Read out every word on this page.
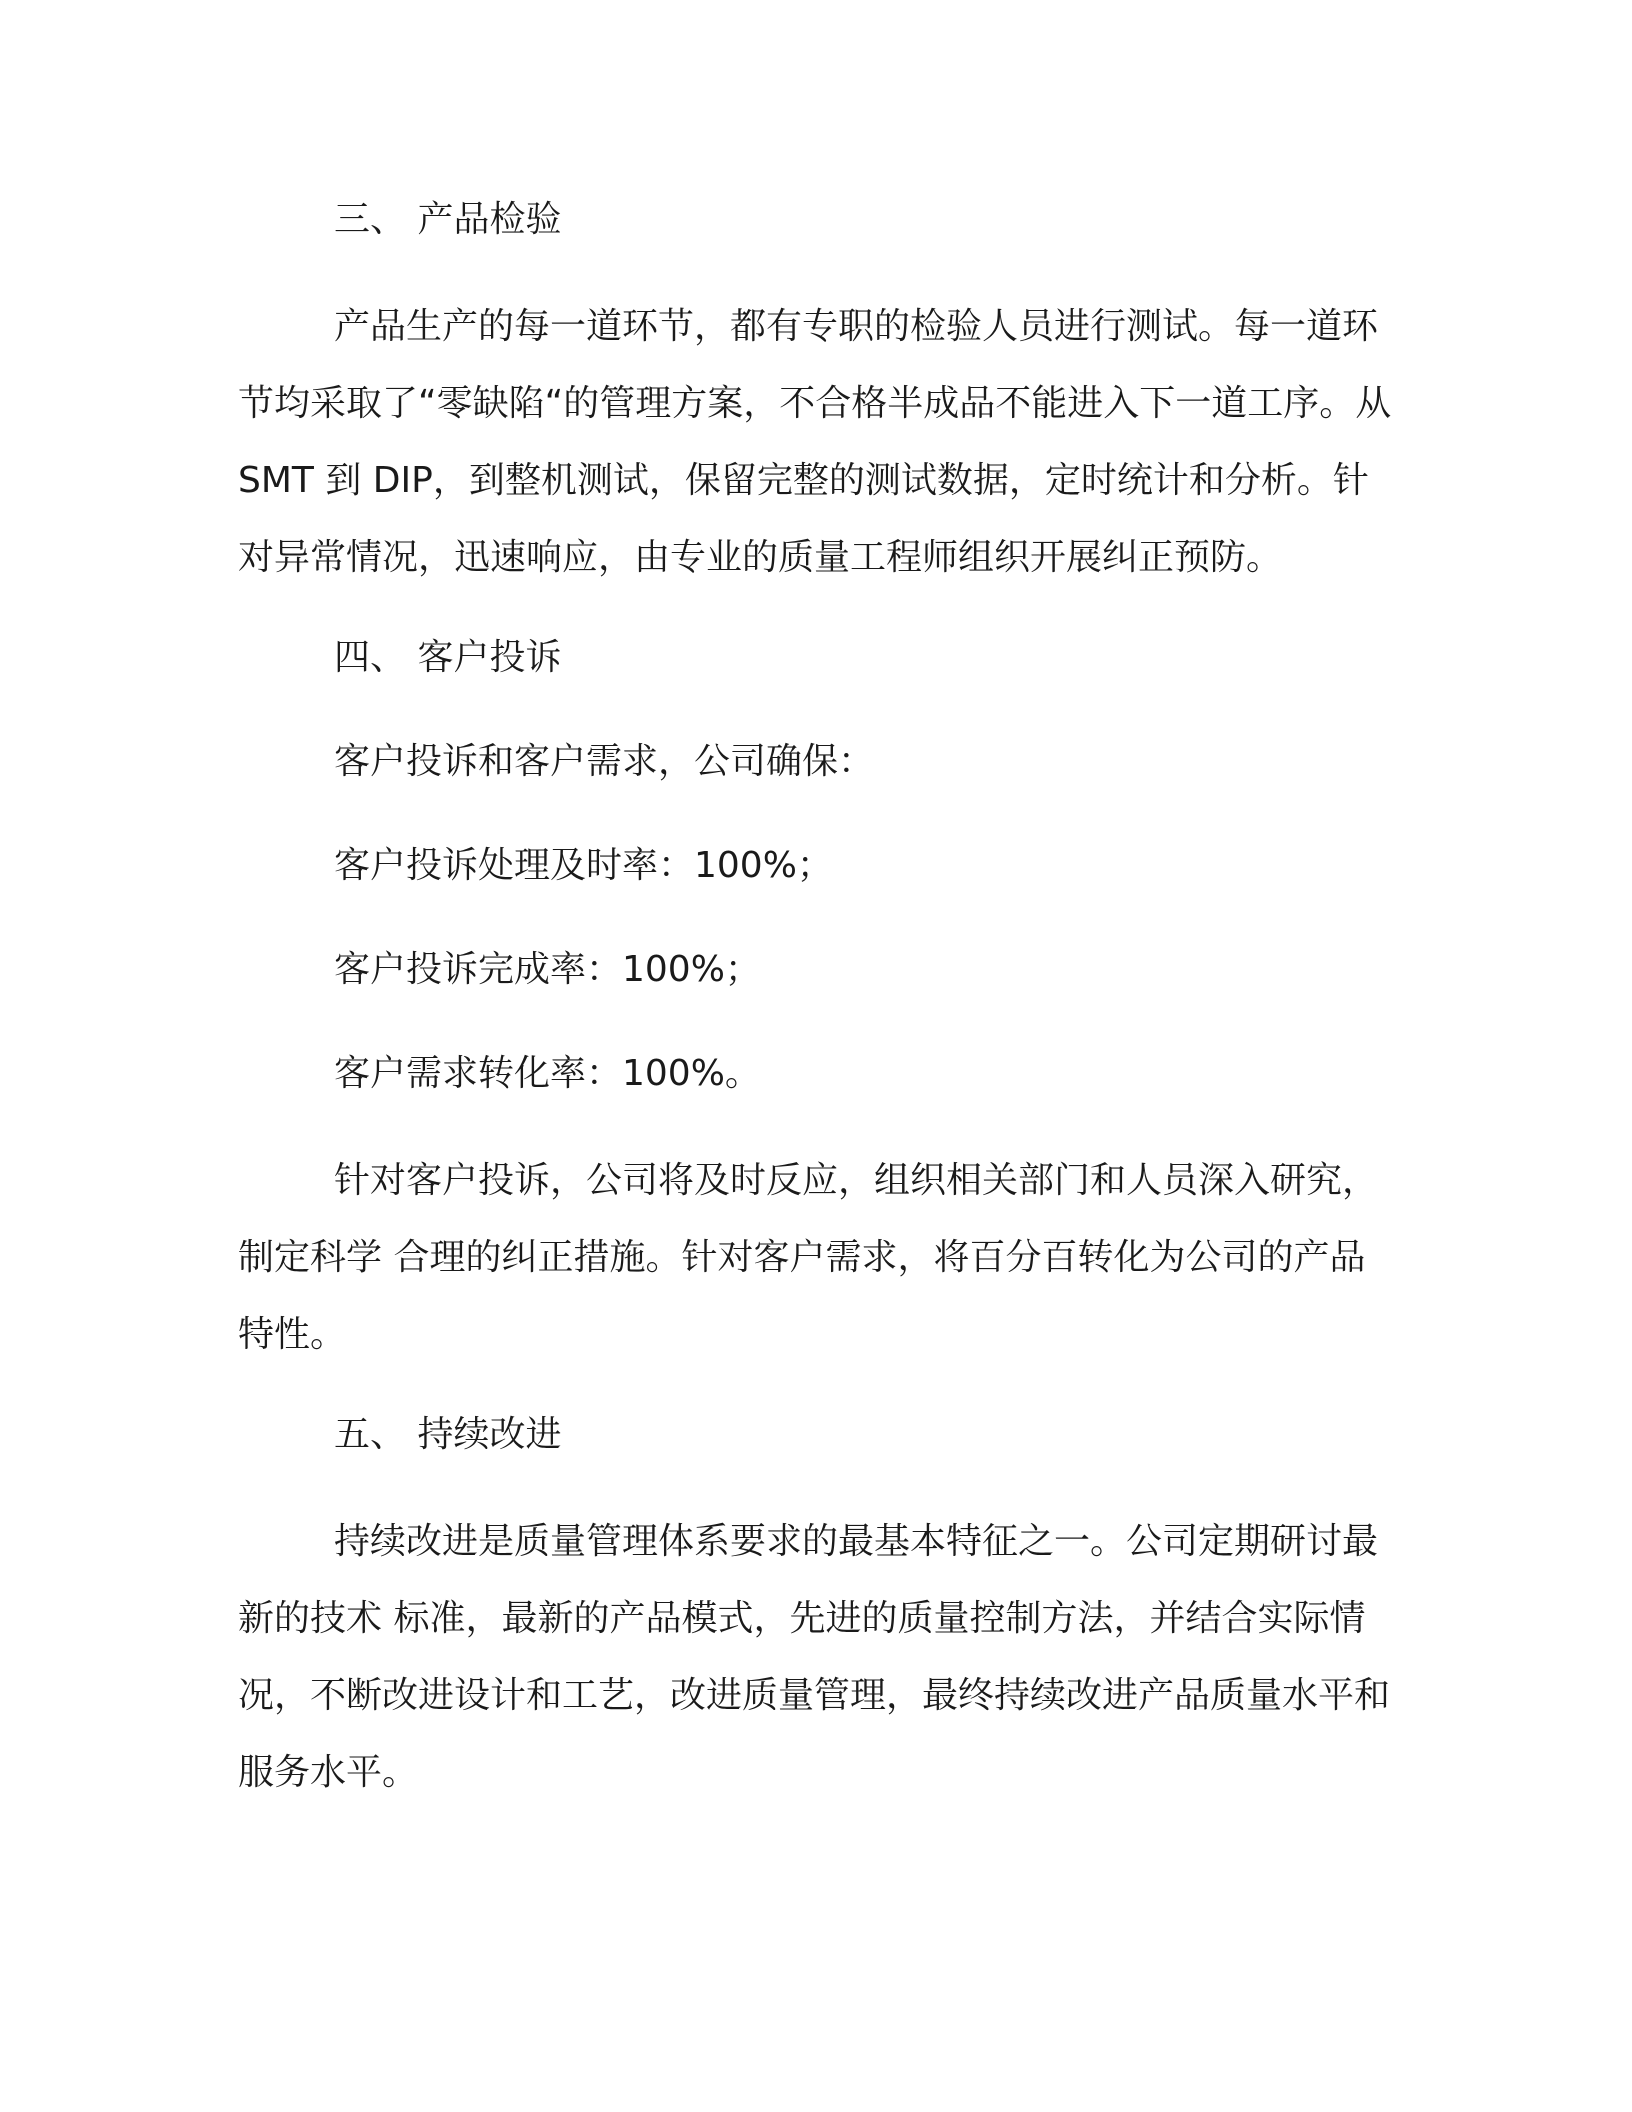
三、 产品检验

产品生产的每一道环节，都有专职的检验人员进行测试。每一道环节均采取了“零缺陷“的管理方案，不合格半成品不能进入下一道工序。从 SMT 到 DIP，到整机测试，保留完整的测试数据，定时统计和分析。针对异常情况，迅速响应，由专业的质量工程师组织开展纠正预防。

四、 客户投诉
客户投诉和客户需求，公司确保：
客户投诉处理及时率：100%；
客户投诉完成率：100%；
客户需求转化率：100%。

针对客户投诉，公司将及时反应，组织相关部门和人员深入研究，制定科学 合理的纠正措施。针对客户需求，将百分百转化为公司的产品特性。

五、 持续改进

持续改进是质量管理体系要求的最基本特征之一。公司定期研讨最新的技术 标准，最新的产品模式，先进的质量控制方法，并结合实际情况，不断改进设计和工艺，改进质量管理，最终持续改进产品质量水平和服务水平。
